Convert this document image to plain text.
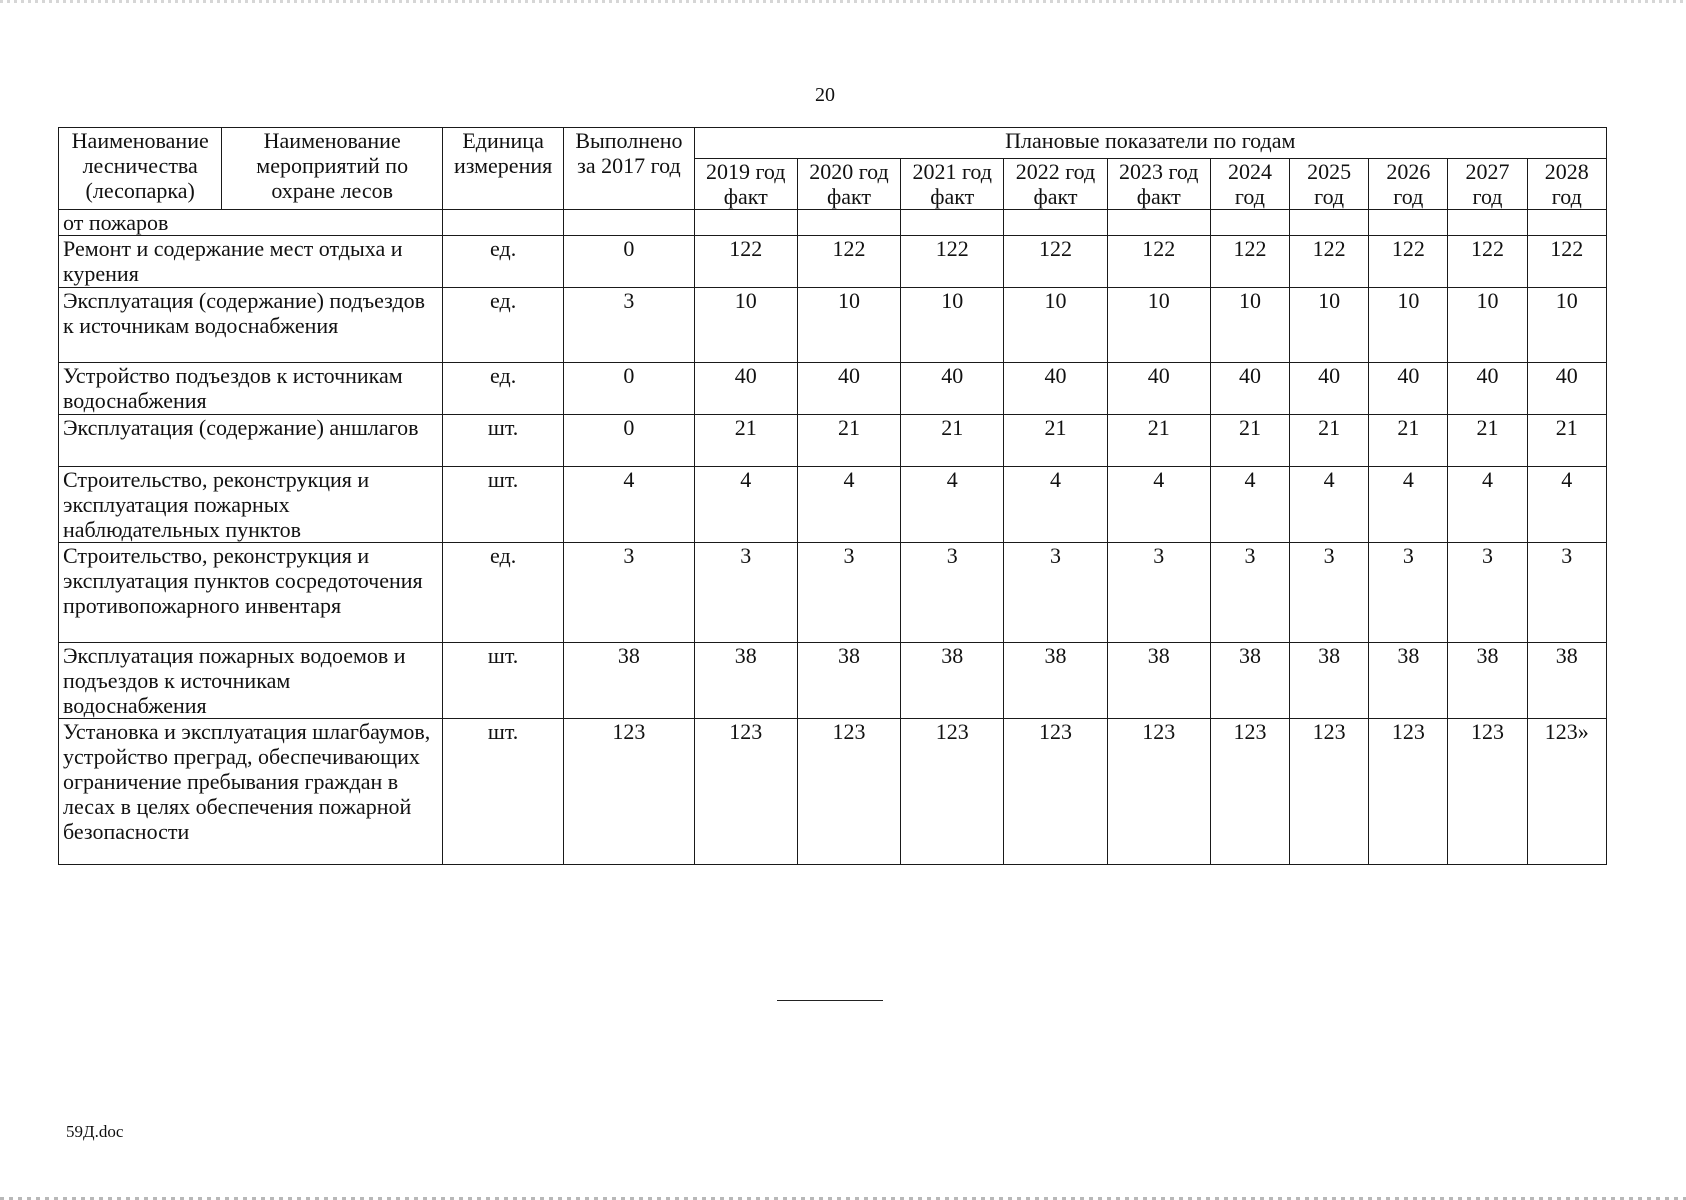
20
Наименование лесничества (лесопарка)	Наименование мероприятий по охране лесов	Единица измерения	Выполнено за 2017 год	Плановые показатели по годам									
				2019 год факт	2020 год факт	2021 год факт	2022 год факт	2023 год факт	2024 год	2025 год	2026 год	2027 год	2028 год
от пожаров													
Ремонт и содержание мест отдыха и курения		ед.	0	122	122	122	122	122	122	122	122	122	122
Эксплуатация (содержание) подъездов к источникам водоснабжения		ед.	3	10	10	10	10	10	10	10	10	10	10
Устройство подъездов к источникам водоснабжения		ед.	0	40	40	40	40	40	40	40	40	40	40
Эксплуатация (содержание) аншлагов		шт.	0	21	21	21	21	21	21	21	21	21	21
Строительство, реконструкция и эксплуатация пожарных наблюдательных пунктов		шт.	4	4	4	4	4	4	4	4	4	4	4
Строительство, реконструкция и эксплуатация пунктов сосредоточения противопожарного инвентаря		ед.	3	3	3	3	3	3	3	3	3	3	3
Эксплуатация пожарных водоемов и подъездов к источникам водоснабжения		шт.	38	38	38	38	38	38	38	38	38	38	38
Установка и эксплуатация шлагбаумов, устройство преград, обеспечивающих ограничение пребывания граждан в лесах в целях обеспечения пожарной безопасности		шт.	123	123	123	123	123	123	123	123	123	123	123»
59Д.doc
